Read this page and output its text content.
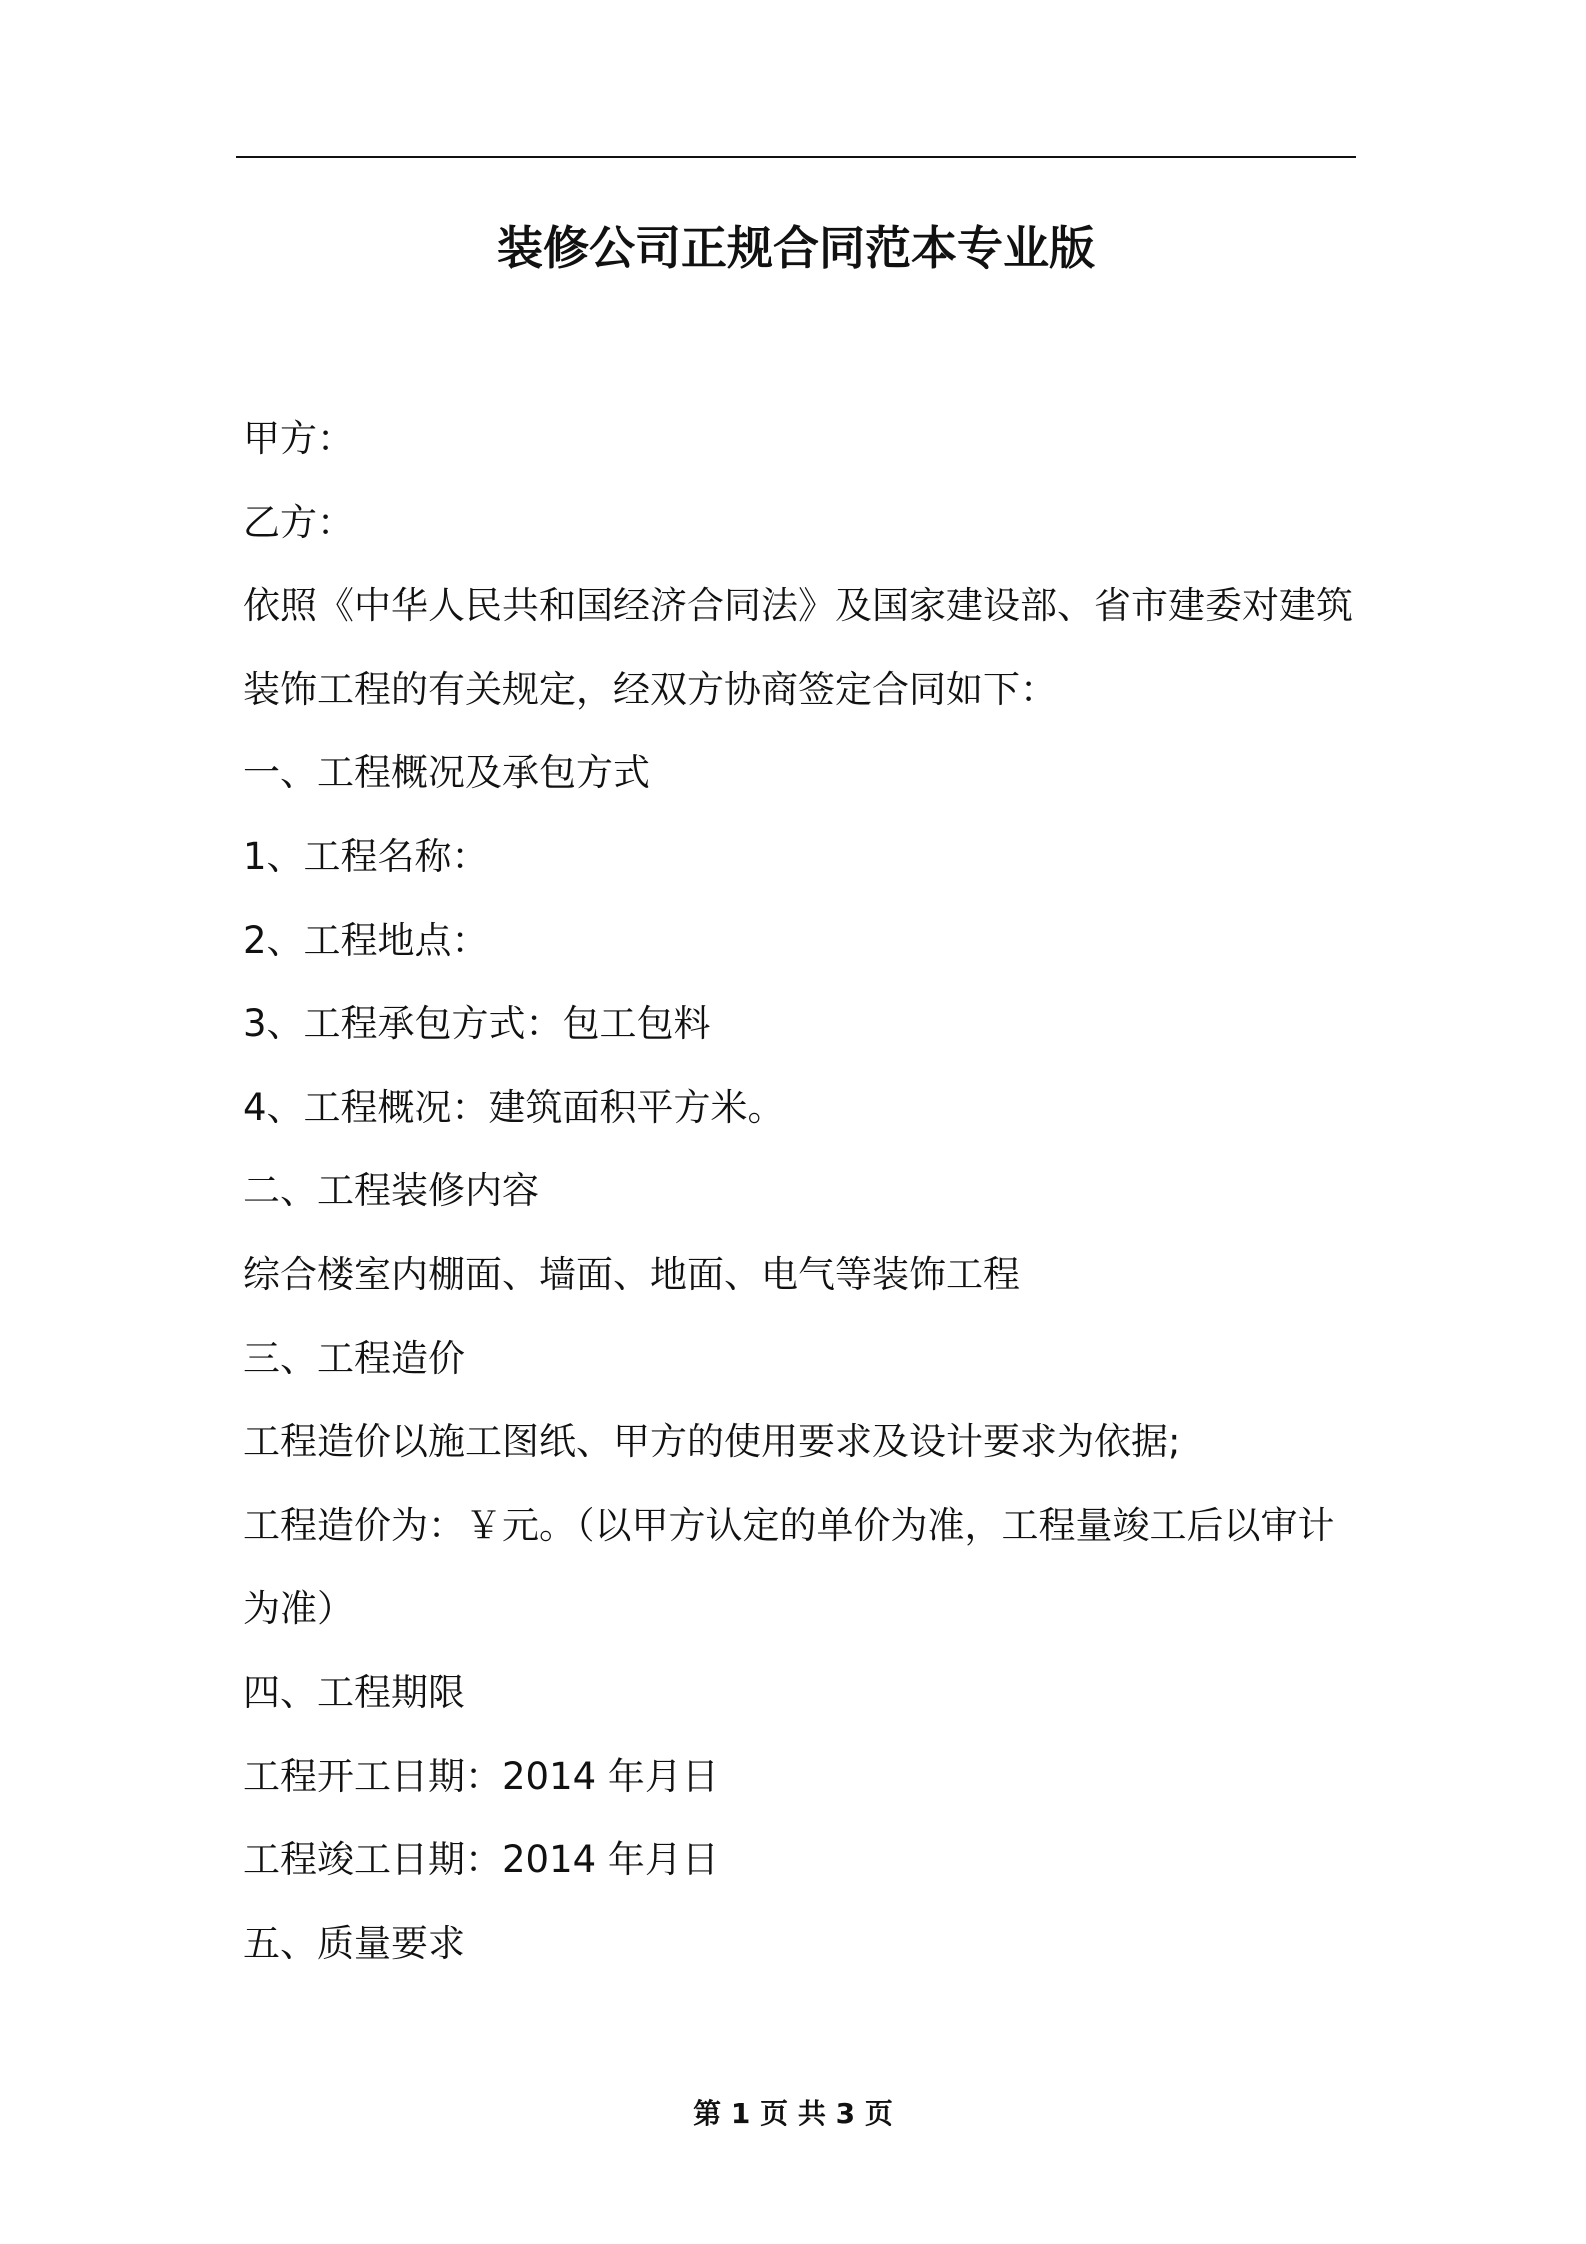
装修公司正规合同范本专业版

甲方：

乙方：

依照《中华人民共和国经济合同法》及国家建设部、省市建委对建筑

装饰工程的有关规定，经双方协商签定合同如下：

一、工程概况及承包方式

1、工程名称：

2、工程地点：

3、工程承包方式：包工包料

4、工程概况：建筑面积平方米。

二、工程装修内容

综合楼室内棚面、墙面、地面、电气等装饰工程

三、工程造价

工程造价以施工图纸、甲方的使用要求及设计要求为依据;

工程造价为：￥元。（以甲方认定的单价为准，工程量竣工后以审计

为准）

四、工程期限

工程开工日期：2014 年月日

工程竣工日期：2014 年月日

五、质量要求

第 1 页 共 3 页
